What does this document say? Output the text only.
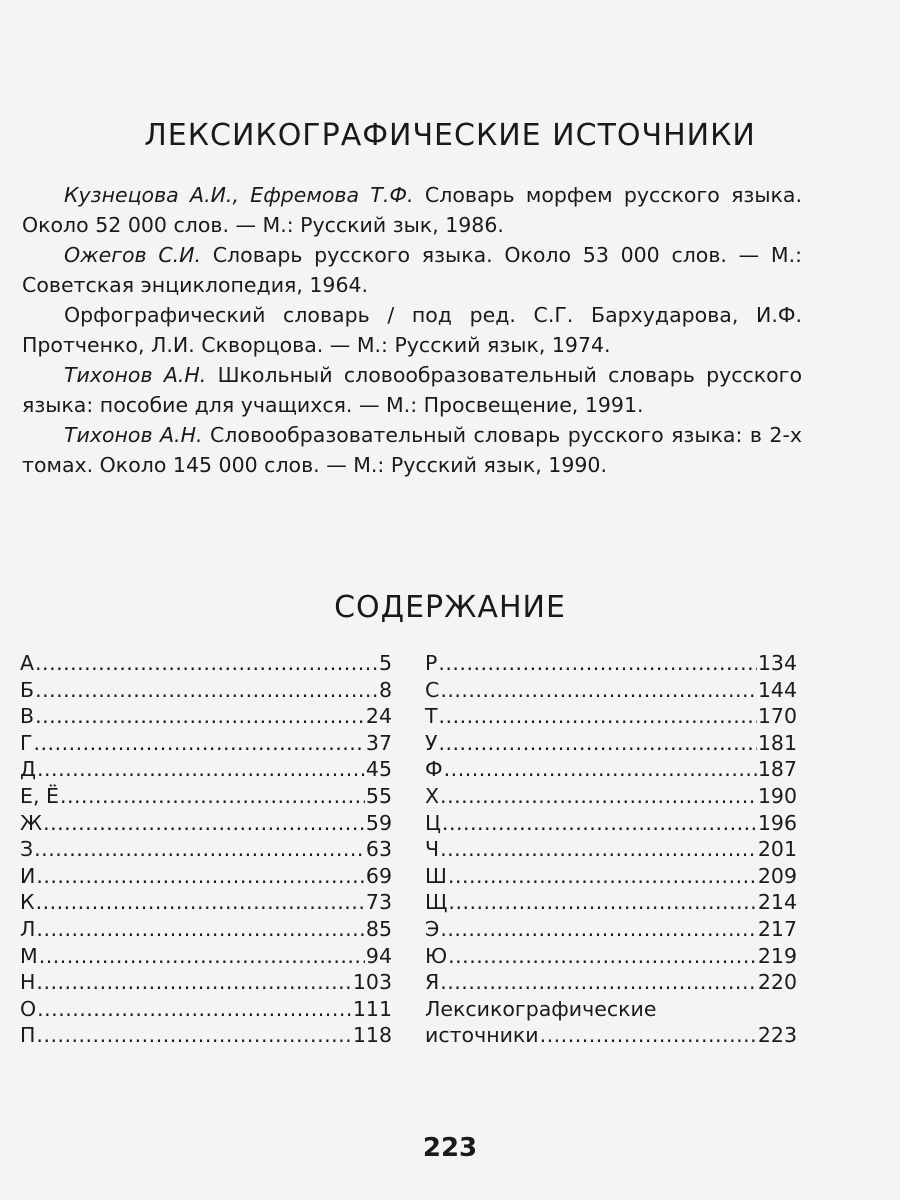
ЛЕКСИКОГРАФИЧЕСКИЕ ИСТОЧНИКИ

Кузнецова А.И., Ефремова Т.Ф. Словарь морфем русского языка. Около 52 000 слов. — М.: Русский зык, 1986.

Ожегов С.И. Словарь русского языка. Около 53 000 слов. — М.: Советская энциклопедия, 1964.

Орфографический словарь / под ред. С.Г. Бархударова, И.Ф. Протченко, Л.И. Скворцова. — М.: Русский язык, 1974.

Тихонов А.Н. Школьный словообразовательный словарь русского языка: пособие для учащихся. — М.: Просвещение, 1991.

Тихонов А.Н. Словообразовательный словарь русского языка: в 2-х томах. Около 145 000 слов. — М.: Русский язык, 1990.

СОДЕРЖАНИЕ
А .....	5
Б .....	8
В .....	24
Г .....	37
Д .....	45
Е, Ё .....	55
Ж .....	59
З .....	63
И .....	69
К .....	73
Л .....	85
М .....	94
Н .....	103
О .....	111
П .....	118
Р .....	134
С .....	144
Т .....	170
У .....	181
Ф .....	187
Х .....	190
Ц .....	196
Ч .....	201
Ш .....	209
Щ .....	214
Э .....	217
Ю .....	219
Я .....	220
Лексикографические
источники .....	223
223
